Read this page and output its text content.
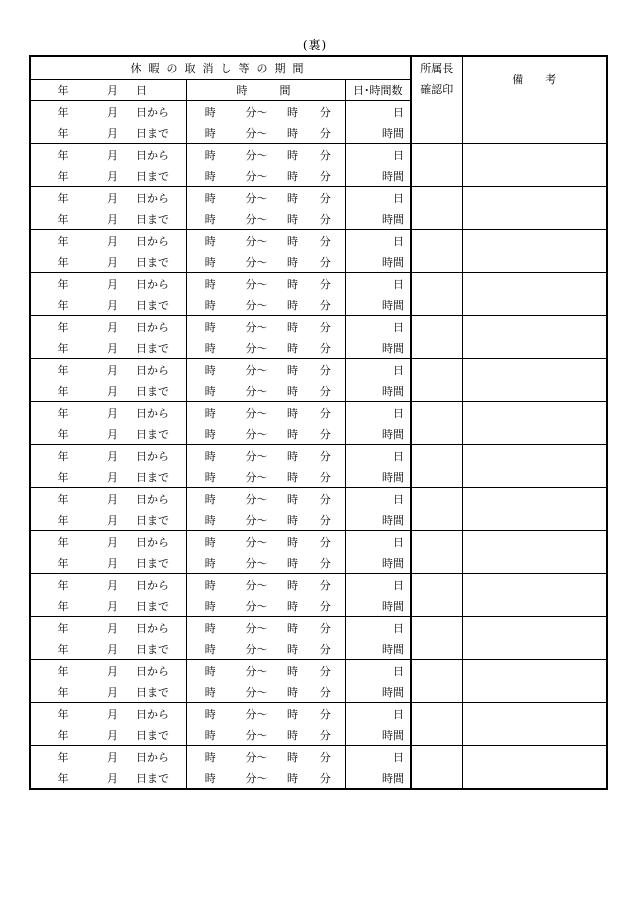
(裏)
休暇の取消し等の期間								所属長
確認印	備　　考
年	月	日	時間				日･時間数		
年	月	日から	時	分〜	時	分	日		
年	月	日まで	時	分〜	時	分	時間		
年	月	日から	時	分〜	時	分	日		
年	月	日まで	時	分〜	時	分	時間		
年	月	日から	時	分〜	時	分	日		
年	月	日まで	時	分〜	時	分	時間		
年	月	日から	時	分〜	時	分	日		
年	月	日まで	時	分〜	時	分	時間		
年	月	日から	時	分〜	時	分	日		
年	月	日まで	時	分〜	時	分	時間		
年	月	日から	時	分〜	時	分	日		
年	月	日まで	時	分〜	時	分	時間		
年	月	日から	時	分〜	時	分	日		
年	月	日まで	時	分〜	時	分	時間		
年	月	日から	時	分〜	時	分	日		
年	月	日まで	時	分〜	時	分	時間		
年	月	日から	時	分〜	時	分	日		
年	月	日まで	時	分〜	時	分	時間		
年	月	日から	時	分〜	時	分	日		
年	月	日まで	時	分〜	時	分	時間		
年	月	日から	時	分〜	時	分	日		
年	月	日まで	時	分〜	時	分	時間		
年	月	日から	時	分〜	時	分	日		
年	月	日まで	時	分〜	時	分	時間		
年	月	日から	時	分〜	時	分	日		
年	月	日まで	時	分〜	時	分	時間		
年	月	日から	時	分〜	時	分	日		
年	月	日まで	時	分〜	時	分	時間		
年	月	日から	時	分〜	時	分	日		
年	月	日まで	時	分〜	時	分	時間		
年	月	日から	時	分〜	時	分	日		
年	月	日まで	時	分〜	時	分	時間		
